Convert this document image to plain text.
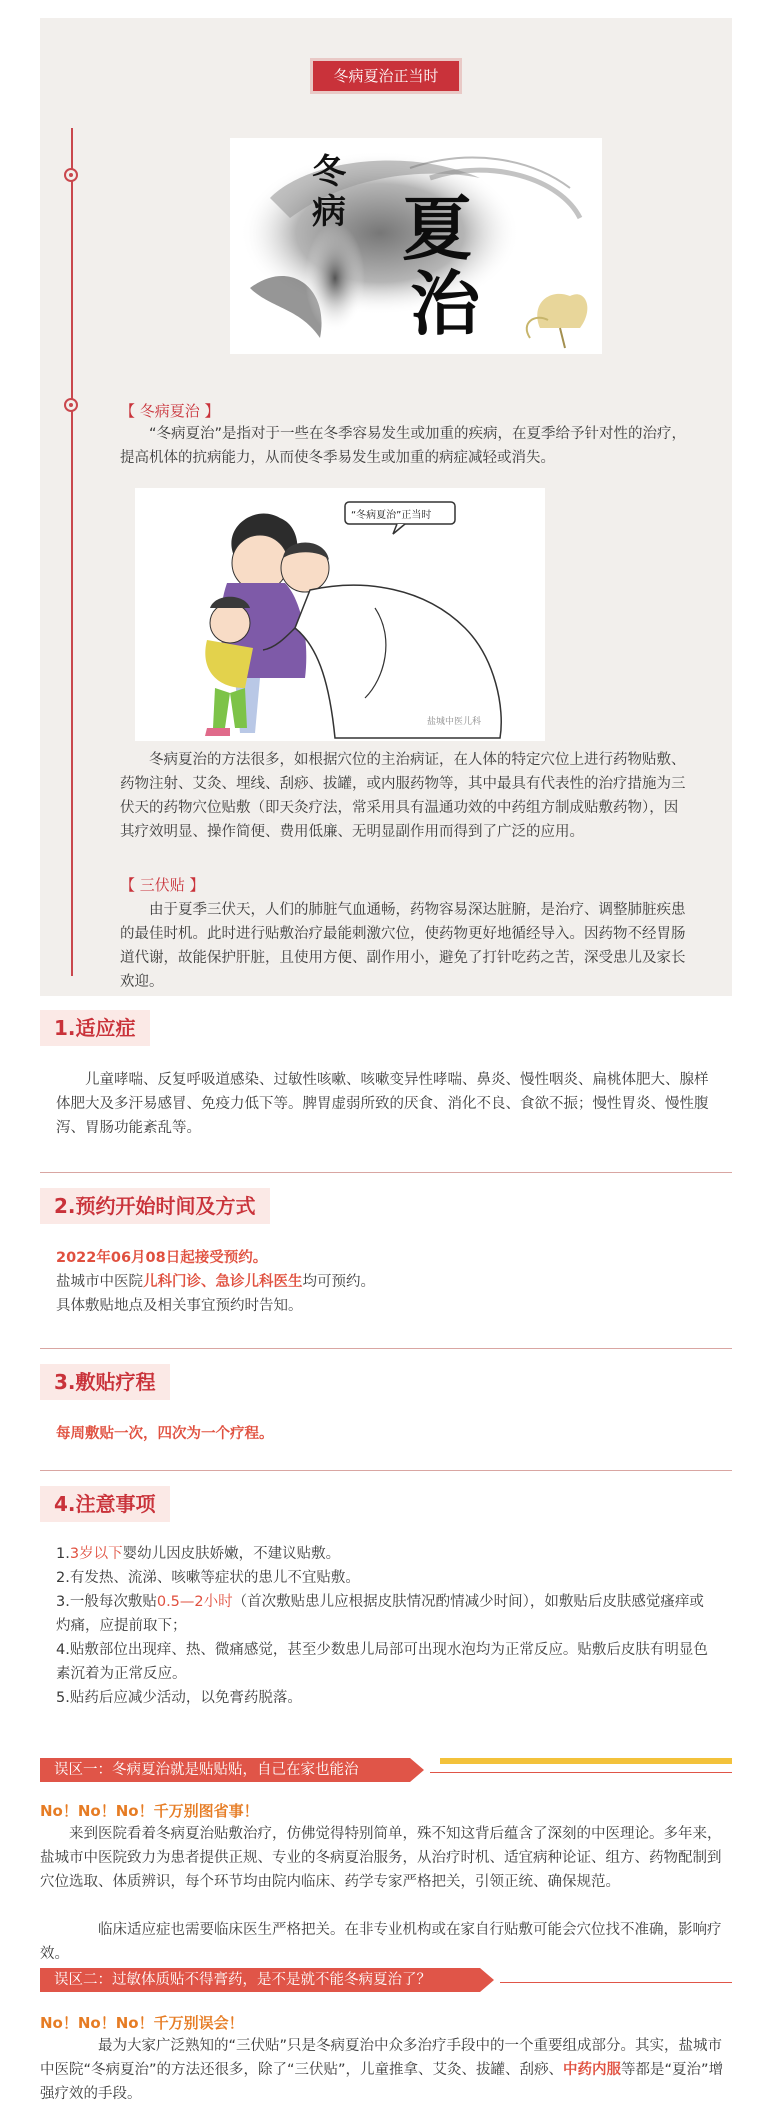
冬病夏治正当时
冬
病 夏
治
【 冬病夏治 】

“冬病夏治”是指对于一些在冬季容易发生或加重的疾病，在夏季给予针对性的治疗，提高机体的抗病能力，从而使冬季易发生或加重的病症减轻或消失。

“冬病夏治”正当时
盐城中医儿科

冬病夏治的方法很多，如根据穴位的主治病证，在人体的特定穴位上进行药物贴敷、药物注射、艾灸、埋线、刮痧、拔罐，或内服药物等，其中最具有代表性的治疗措施为三伏天的药物穴位贴敷（即天灸疗法，常采用具有温通功效的中药组方制成贴敷药物），因其疗效明显、操作简便、费用低廉、无明显副作用而得到了广泛的应用。

【 三伏贴 】

由于夏季三伏天，人们的肺脏气血通畅，药物容易深达脏腑，是治疗、调整肺脏疾患的最佳时机。此时进行贴敷治疗最能刺激穴位，使药物更好地循经导入。因药物不经胃肠道代谢，故能保护肝脏，且使用方便、副作用小，避免了打针吃药之苦，深受患儿及家长欢迎。

1.适应症

儿童哮喘、反复呼吸道感染、过敏性咳嗽、咳嗽变异性哮喘、鼻炎、慢性咽炎、扁桃体肥大、腺样体肥大及多汗易感冒、免疫力低下等。脾胃虚弱所致的厌食、消化不良、食欲不振；慢性胃炎、慢性腹泻、胃肠功能紊乱等。

2.预约开始时间及方式

2022年06月08日起接受预约。
盐城市中医院儿科门诊、急诊儿科医生均可预约。
具体敷贴地点及相关事宜预约时告知。

3.敷贴疗程

每周敷贴一次，四次为一个疗程。

4.注意事项
1.3岁以下婴幼儿因皮肤娇嫩，不建议贴敷。
2.有发热、流涕、咳嗽等症状的患儿不宜贴敷。
3.一般每次敷贴0.5—2小时（首次敷贴患儿应根据皮肤情况酌情减少时间），如敷贴后皮肤感觉瘙痒或灼痛，应提前取下；
4.贴敷部位出现痒、热、微痛感觉，甚至少数患儿局部可出现水泡均为正常反应。贴敷后皮肤有明显色素沉着为正常反应。
5.贴药后应减少活动，以免膏药脱落。
误区一：冬病夏治就是贴贴贴，自己在家也能治
No！No！No！千万别图省事！

来到医院看着冬病夏治贴敷治疗，仿佛觉得特别简单，殊不知这背后蕴含了深刻的中医理论。多年来，盐城市中医院致力为患者提供正规、专业的冬病夏治服务，从治疗时机、适宜病种论证、组方、药物配制到穴位选取、体质辨识，每个环节均由院内临床、药学专家严格把关，引领正统、确保规范。

临床适应症也需要临床医生严格把关。在非专业机构或在家自行贴敷可能会穴位找不准确，影响疗效。

误区二：过敏体质贴不得膏药，是不是就不能冬病夏治了？
No！No！No！千万别误会！

最为大家广泛熟知的“三伏贴”只是冬病夏治中众多治疗手段中的一个重要组成部分。其实，盐城市中医院“冬病夏治”的方法还很多，除了“三伏贴”，儿童推拿、艾灸、拔罐、刮痧、中药内服等都是“夏治”增强疗效的手段。
